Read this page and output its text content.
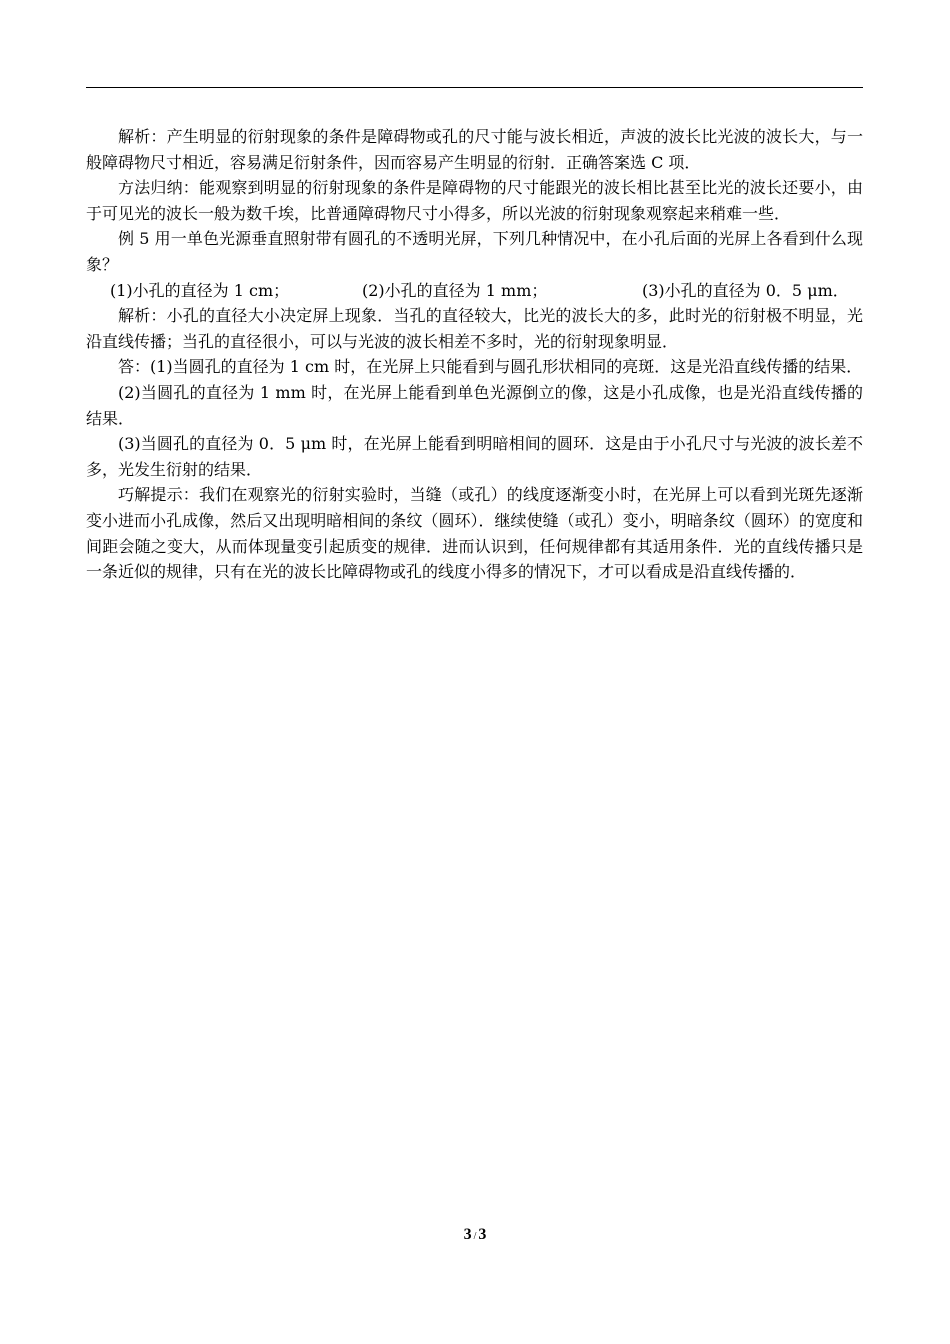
解析：产生明显的衍射现象的条件是障碍物或孔的尺寸能与波长相近，声波的波长比光波的波长大，与一般障碍物尺寸相近，容易满足衍射条件，因而容易产生明显的衍射．正确答案选 C 项．

方法归纳：能观察到明显的衍射现象的条件是障碍物的尺寸能跟光的波长相比甚至比光的波长还要小，由于可见光的波长一般为数千埃，比普通障碍物尺寸小得多，所以光波的衍射现象观察起来稍难一些．

例 5 用一单色光源垂直照射带有圆孔的不透明光屏，下列几种情况中，在小孔后面的光屏上各看到什么现象？

(1)小孔的直径为 1 cm；	(2)小孔的直径为 1 mm；	(3)小孔的直径为 0．5 μm．

解析：小孔的直径大小决定屏上现象．当孔的直径较大，比光的波长大的多，此时光的衍射极不明显，光沿直线传播；当孔的直径很小，可以与光波的波长相差不多时，光的衍射现象明显．

答：(1)当圆孔的直径为 1 cm 时，在光屏上只能看到与圆孔形状相同的亮斑．这是光沿直线传播的结果．

(2)当圆孔的直径为 1 mm 时，在光屏上能看到单色光源倒立的像，这是小孔成像，也是光沿直线传播的结果．

(3)当圆孔的直径为 0．5 μm 时，在光屏上能看到明暗相间的圆环．这是由于小孔尺寸与光波的波长差不多，光发生衍射的结果．

巧解提示：我们在观察光的衍射实验时，当缝（或孔）的线度逐渐变小时，在光屏上可以看到光斑先逐渐变小进而小孔成像，然后又出现明暗相间的条纹（圆环）．继续使缝（或孔）变小，明暗条纹（圆环）的宽度和间距会随之变大，从而体现量变引起质变的规律．进而认识到，任何规律都有其适用条件．光的直线传播只是一条近似的规律，只有在光的波长比障碍物或孔的线度小得多的情况下，才可以看成是沿直线传播的．

3 / 3
